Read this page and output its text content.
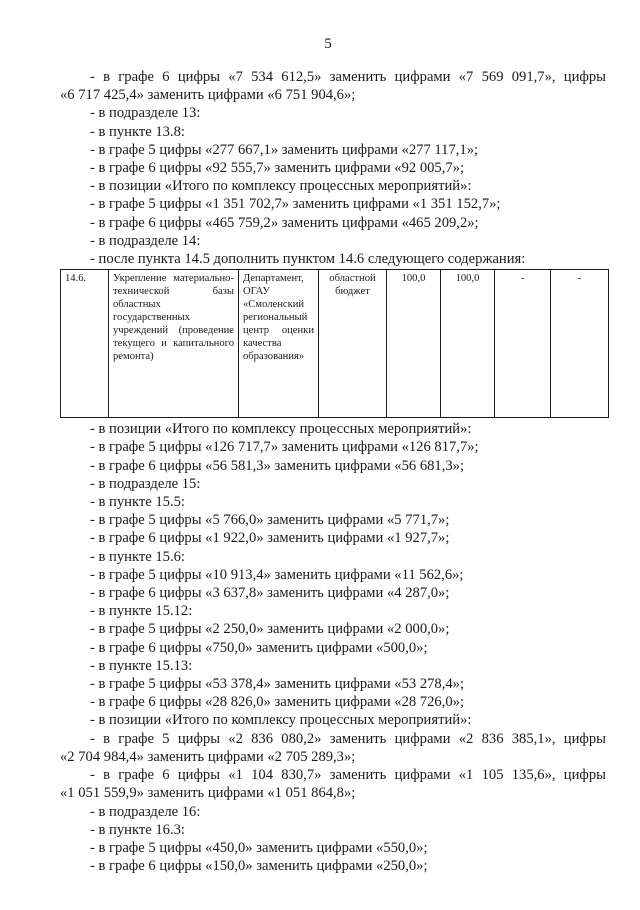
5
- в графе 6 цифры «7 534 612,5» заменить цифрами «7 569 091,7», цифры
«6 717 425,4» заменить цифрами «6 751 904,6»;
- в подразделе 13:
- в пункте 13.8:
- в графе 5 цифры «277 667,1» заменить цифрами «277 117,1»;
- в графе 6 цифры «92 555,7» заменить цифрами «92 005,7»;
- в позиции «Итого по комплексу процессных мероприятий»:
- в графе 5 цифры «1 351 702,7» заменить цифрами «1 351 152,7»;
- в графе 6 цифры «465 759,2» заменить цифрами «465 209,2»;
- в подразделе 14:
- после пункта 14.5 дополнить пунктом 14.6 следующего содержания:
14.6.	Укрепление материально-технической базы областных государственных учреждений (проведение текущего и капитального ремонта)	Департамент, ОГАУ «Смоленский региональный центр оценки качества образования»	областной бюджет	100,0	100,0	-	-
- в позиции «Итого по комплексу процессных мероприятий»:
- в графе 5 цифры «126 717,7» заменить цифрами «126 817,7»;
- в графе 6 цифры «56 581,3» заменить цифрами «56 681,3»;
- в подразделе 15:
- в пункте 15.5:
- в графе 5 цифры «5 766,0» заменить цифрами «5 771,7»;
- в графе 6 цифры «1 922,0» заменить цифрами «1 927,7»;
- в пункте 15.6:
- в графе 5 цифры «10 913,4» заменить цифрами «11 562,6»;
- в графе 6 цифры «3 637,8» заменить цифрами «4 287,0»;
- в пункте 15.12:
- в графе 5 цифры «2 250,0» заменить цифрами «2 000,0»;
- в графе 6 цифры «750,0» заменить цифрами «500,0»;
- в пункте 15.13:
- в графе 5 цифры «53 378,4» заменить цифрами «53 278,4»;
- в графе 6 цифры «28 826,0» заменить цифрами «28 726,0»;
- в позиции «Итого по комплексу процессных мероприятий»:
- в графе 5 цифры «2 836 080,2» заменить цифрами «2 836 385,1», цифры
«2 704 984,4» заменить цифрами «2 705 289,3»;
- в графе 6 цифры «1 104 830,7» заменить цифрами «1 105 135,6», цифры
«1 051 559,9» заменить цифрами «1 051 864,8»;
- в подразделе 16:
- в пункте 16.3:
- в графе 5 цифры «450,0» заменить цифрами «550,0»;
- в графе 6 цифры «150,0» заменить цифрами «250,0»;
